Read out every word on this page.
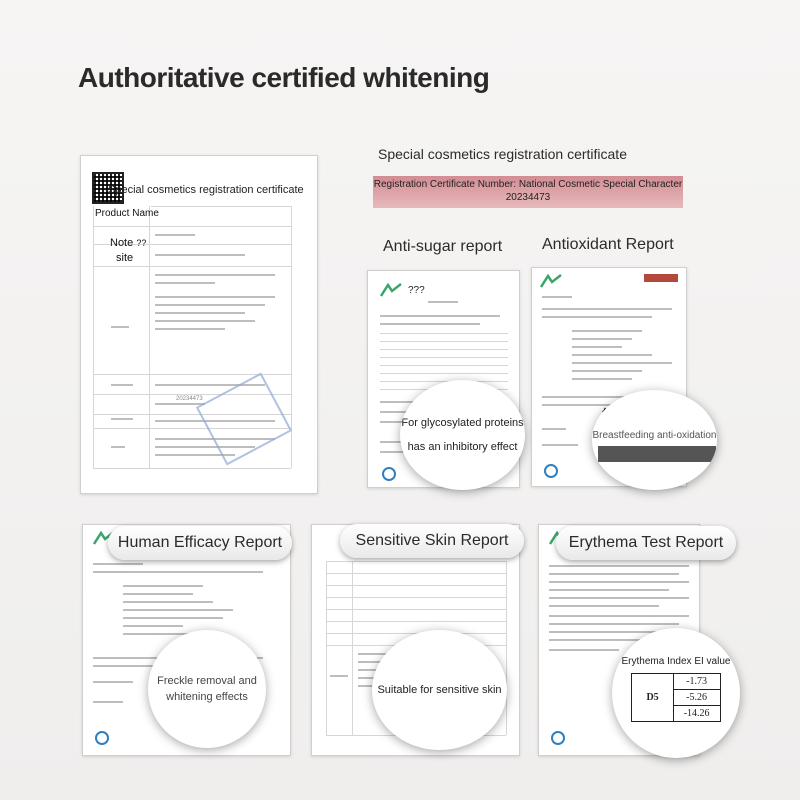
Authoritative certified whitening
Special cosmetics registration certificate
Product Name
Note ??
site
20234473
Special cosmetics registration certificate
Registration Certificate Number: National Cosmetic Special Character
20234473
Anti-sugar report
???
For glycosylated proteins
has an inhibitory effect
Antioxidant Report
Breastfeeding anti-oxidation
Human Efficacy Report
Freckle removal and
whitening effects
Sensitive Skin Report
Suitable for sensitive skin
Erythema Test Report
Erythema Index EI value
D5	-1.73
-5.26
-14.26
